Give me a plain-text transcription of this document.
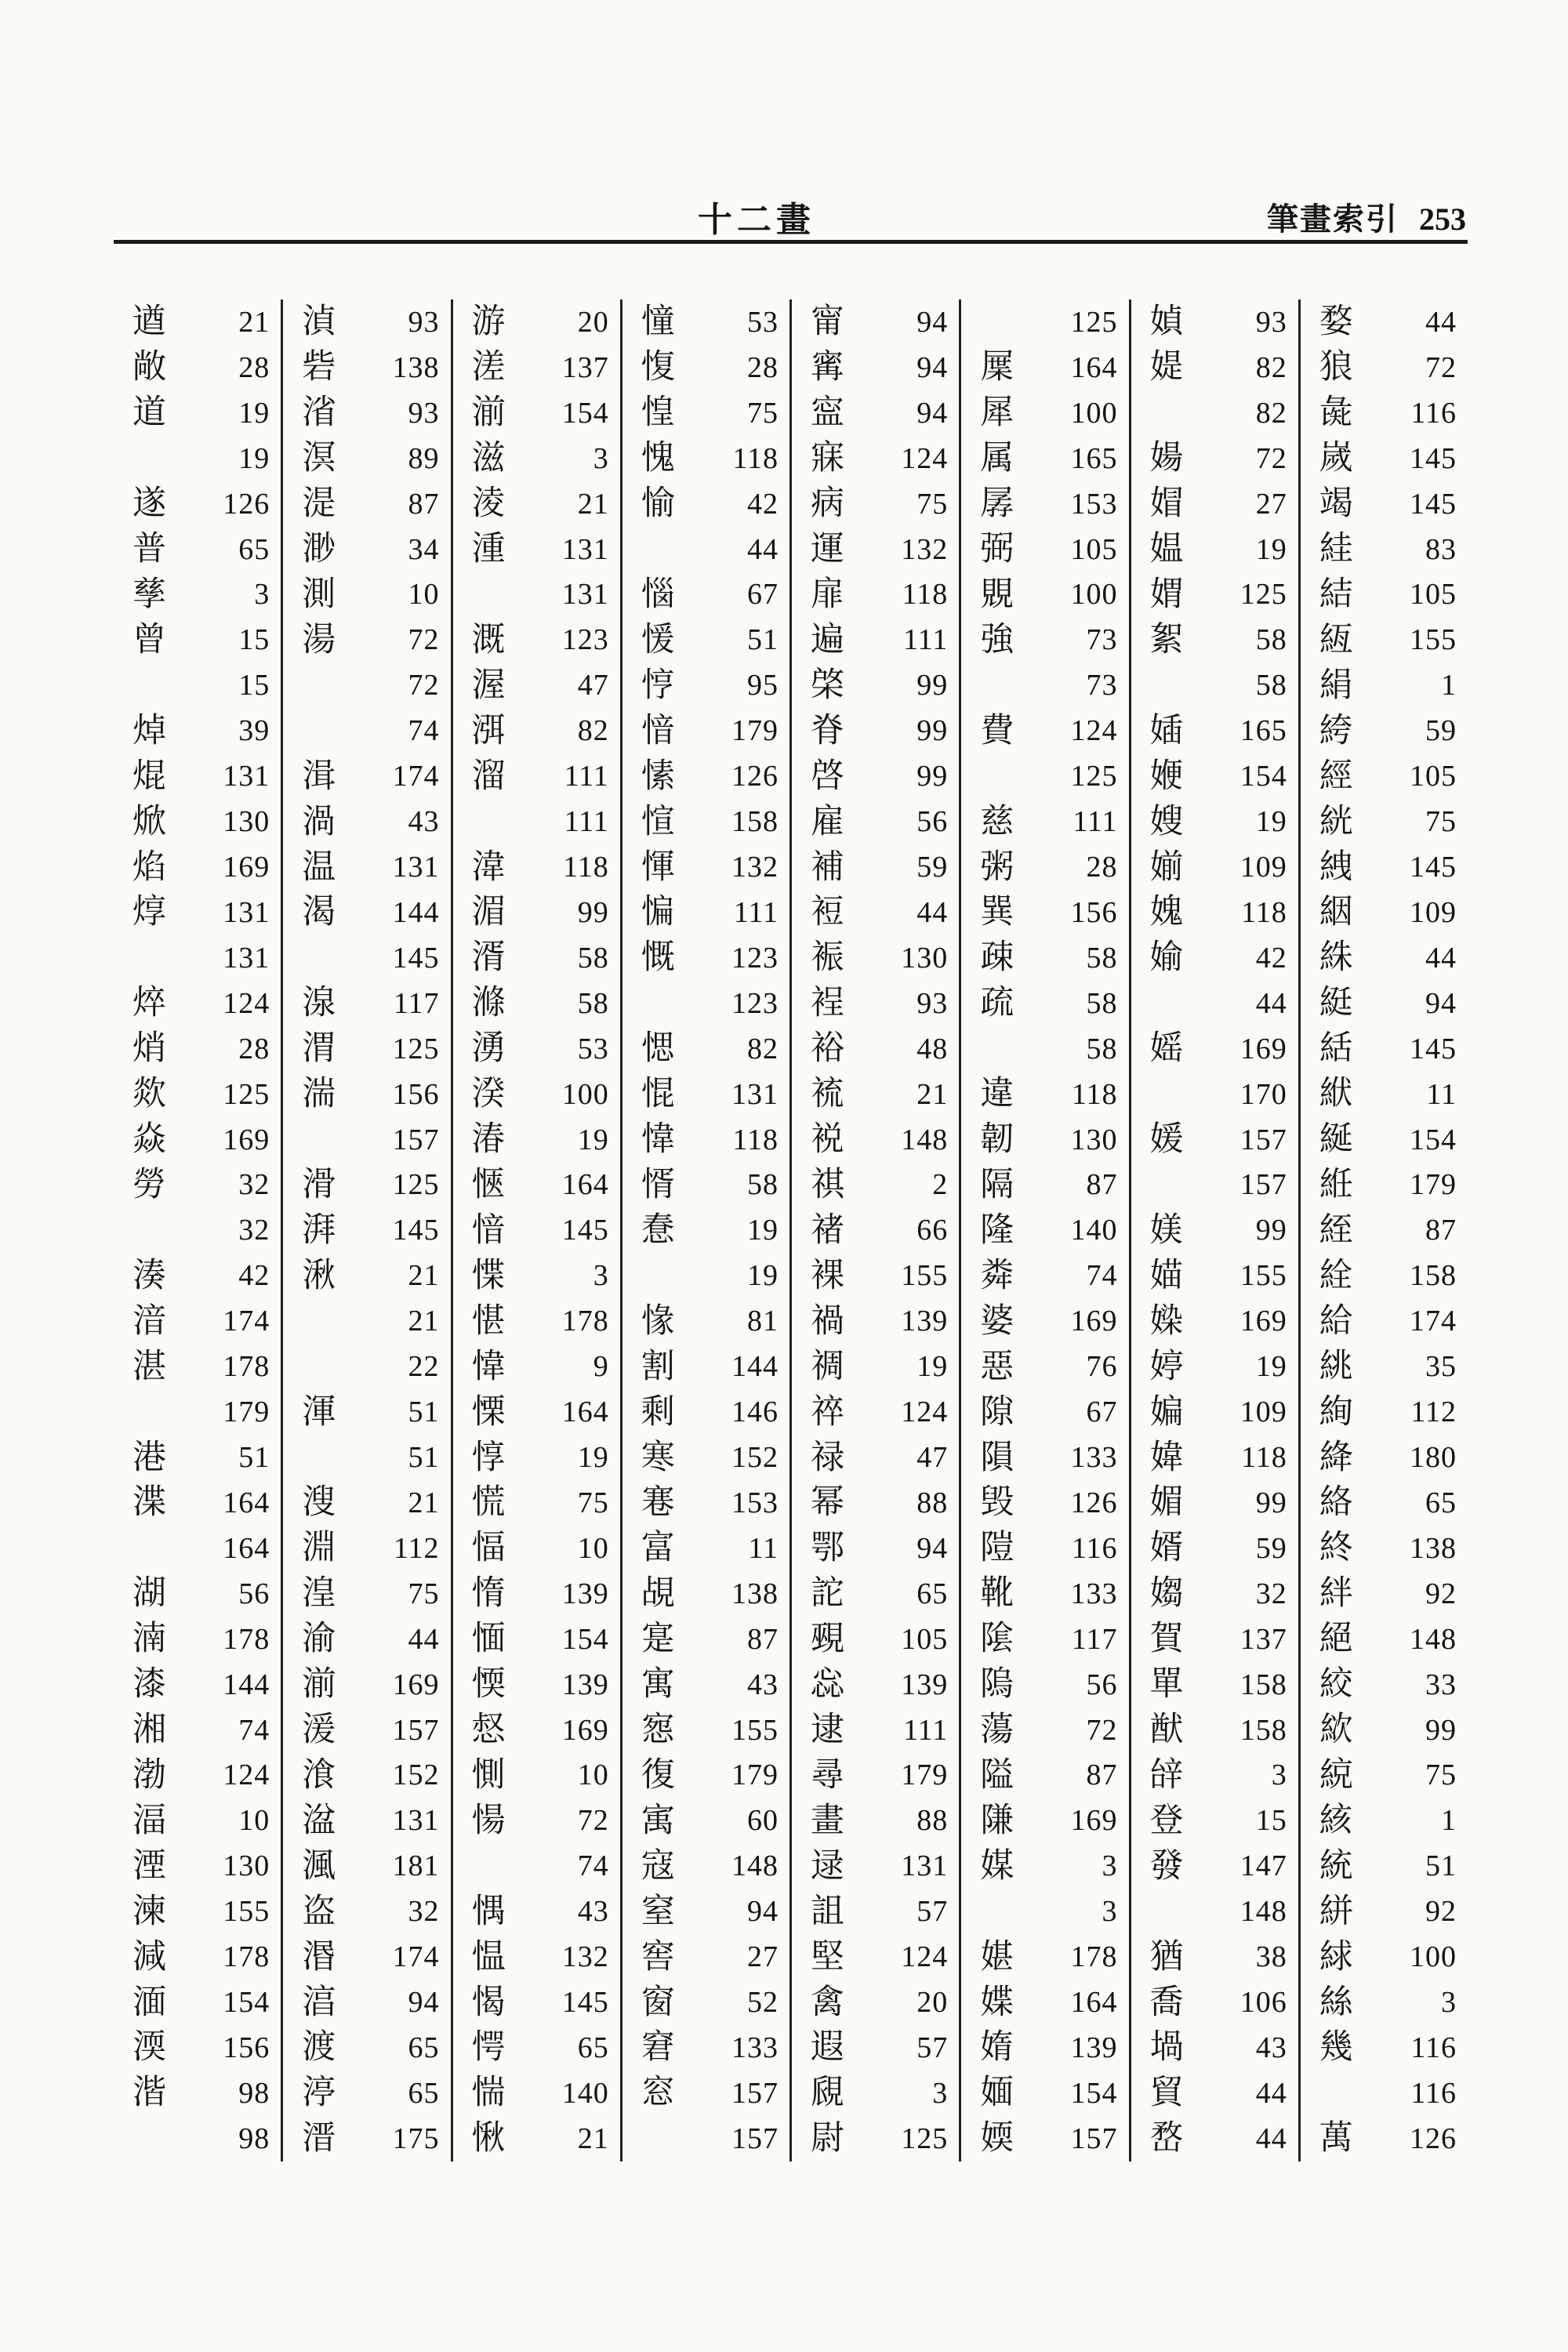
十二畫	筆畫索引 253
遒 21
敞 28
道 19
19
遂 126
普 65
孳	3
曾 15
15
焯 39
焜 131
焮 130
焰 169
焞 131
131
焠 124
焇 28
欻 125
焱 169
勞 32
32
湊 42
湆 174
湛 178
179
港 51
渫 164
164
湖 56
湳 178
漆 144
湘 74
渤 124
湢 10
湮 130
湅 155
減 178
湎 154
渜 156
湝 98
98
湞 93
砦 138
渻 93
溟 89
湜 87
渺 34
測 10
湯 72
72
74
湒 174
渦 43
温 131
渴 144
145
湶 117
渭 125
湍 156
157
滑 125
湃 145
湫 21
21
22
渾 51
51
溲 21
淵 112
湟 75
渝 44
湔 169
湲 157
湌 152
湓 131
渢 181
盗 32
湣 174
湻 94
渡 65
渟 65
溍 175
游 20
溠 137
湔 154
滋	3
淩 21
湩 131
131
溉 123
渥 47
渳 82
溜 111
111
湋 118
湄 99
湑 58
滌 58
湧 53
湀 100
湷 19
愜 164
愔 145
惵	3
愖 178
愇	9
慄 164
惇 19
慌 75
愊 10
惰 139
愐 154
愞 139
惄 169
惻 10
愓 72
74
㥥 43
愠 132
愒 145
愕 65
惴 140
愀 21
憧 53
愎 28
惶 75
愧 118
愉 42
44
惱 67
愋 51
悙 95
愔 179
愫 126
愃 158
惲 132
惼 111
慨 123
123
愢 82
惃 131
愇 118
㥠 58
惷 19
19
㥟 81
割 144
剩 146
寒 152
寋 153
富 11
覘 138
寔 87
寓 43
惌 155
復 179
㝢 60
寇 148
窒 94
窖 27
窗 52
窘 133
窓 157
157
甯 94
寗 94
寍 94
寐 124
病 75
運 132
扉 118
遍 111
棨 99
脊 99
啓 99
雇 56
補 59
裋 44
裖 130
裎 93
裕 48
裗 21
裞 148
祺	2
禇 66
裸 155
禍 139
禂 19
祽 124
禄 47
幂 88
鄂 94
詑 65
覡 105
惢 139
逮 111
尋 179
畫 88
逯 131
詛 57
堅 124
禽 20
遐 57
覛	3
尉 125
125
屟 164
犀 100
属 165
孱 153
弼 105
覞 100
強 73
73
費 124
125
慈 111
粥 28
巽 156
疎 58
疏 58
58
違 118
韌 130
隔 87
隆 140
粦 74
婆 169
惡 76
隙 67
隕 133
毁 126
隑 116
靴 133
隂 117
隖 56
蕩 72
隘 87
隒 169
媒	3
3
媅 178
媟 164
媠 139
媔 154
媆 157
媜 93
媞 82
82
婸 72
媢 27
媪 19
媦 125
絮 58
58
㛼 165
㛹 154
嫂 19
媊 109
媿 118
媮 42
44
媱 169
170
媛 157
157
媄 99
媌 155
媣 169
婷 19
媥 109
媁 118
媚 99
婿 59
媰 32
賀 137
單 158
猷 158
辝	3
登 15
發 147
148
猶 38
喬 106
堝 43
貿 44
嵍 44
婺 44
狼 72
彘 116
嵗 145
竭 145
絓 83
結 105
絚 155
絹	1
絝 59
經 105
絖 75
絏 145
絪 109
絑 44
綎 94
絬 145
絥 11
綖 154
絍 179
絰 87
絟 158
給 174
絩 35
絢 112
絳 180
絡 65
終 138
絆 92
絕 148
絞 33
絘 99
綂 75
絯	1
統 51
絣 92
絿 100
絲	3
幾 116
116
萬 126
